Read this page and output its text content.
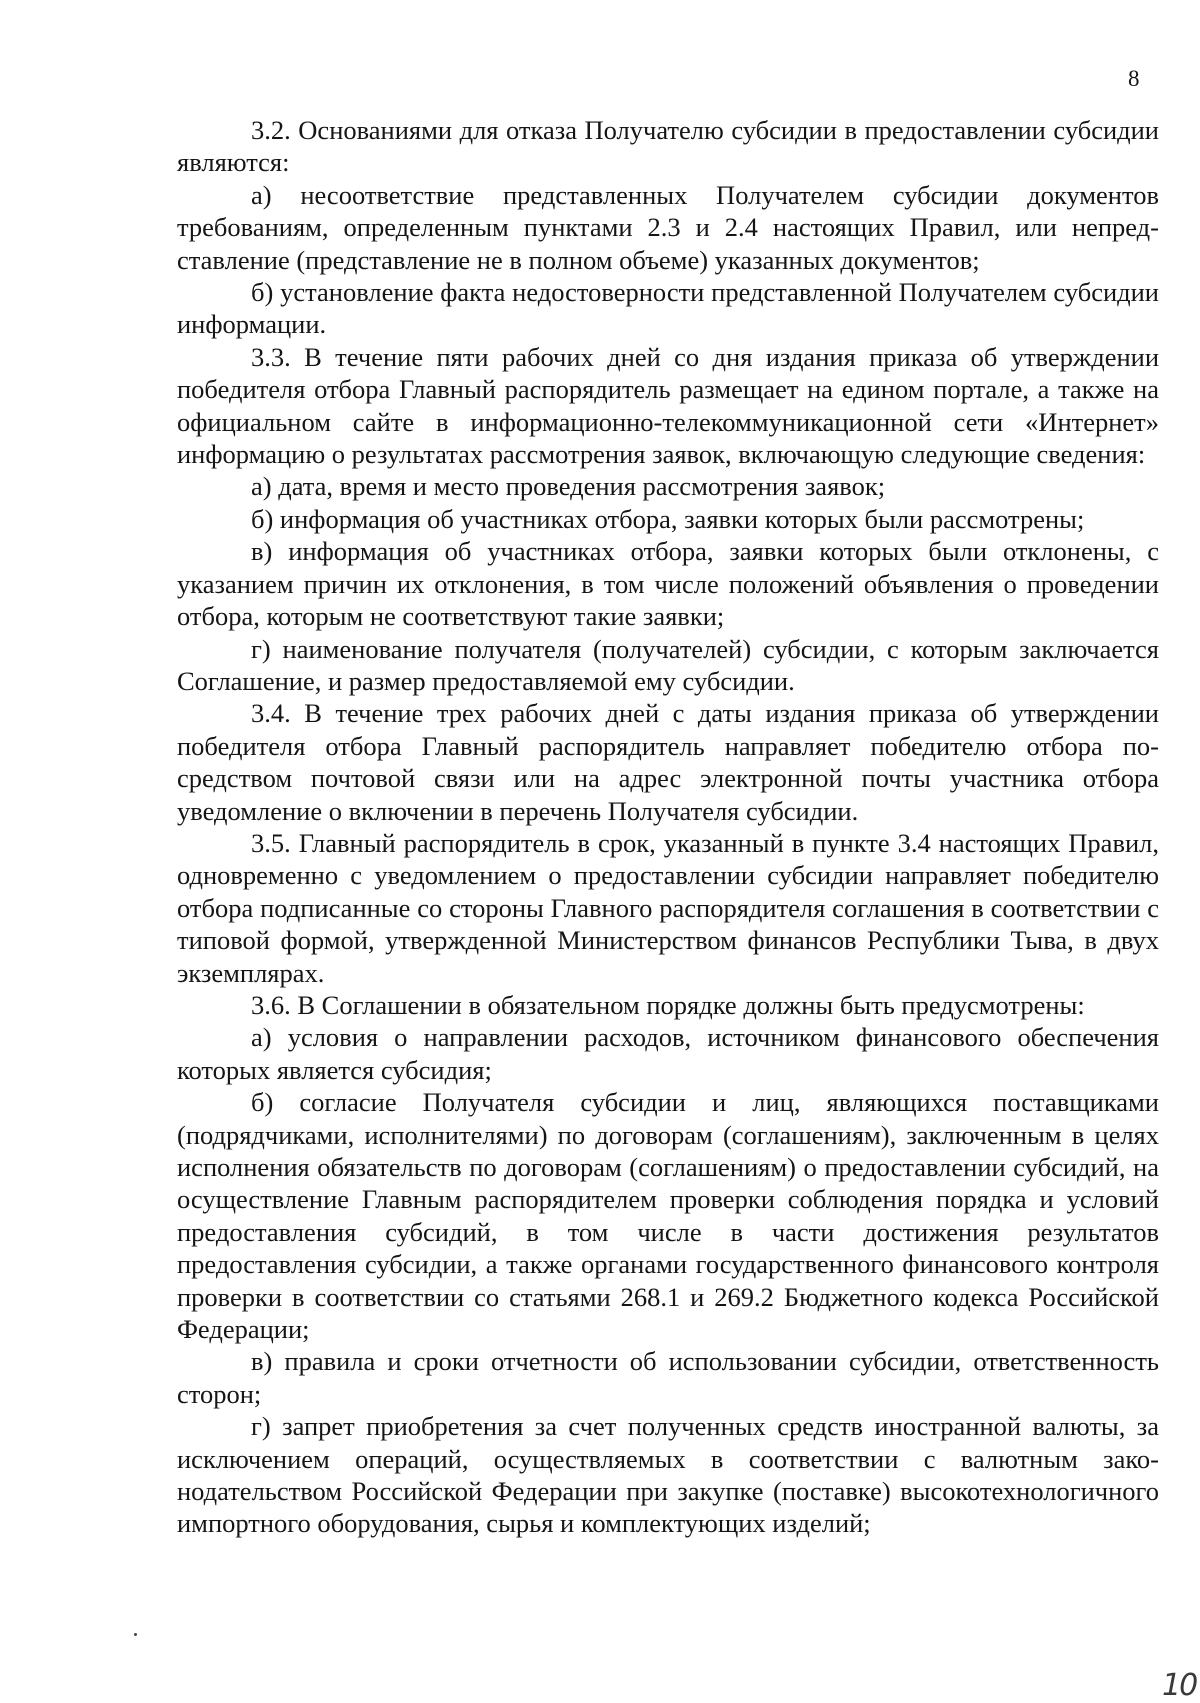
8

3.2. Основаниями для отказа Получателю субсидии в предоставлении субсидии являются:

а) несоответствие представленных Получателем субсидии документов требованиям, определенным пунктами 2.3 и 2.4 настоящих Правил, или непредставление (представление не в полном объеме) указанных документов;

б) установление факта недостоверности представленной Получателем субсидии информации.

3.3. В течение пяти рабочих дней со дня издания приказа об утверждении победителя отбора Главный распорядитель размещает на едином портале, а также на официальном сайте в информационно-телекоммуникационной сети «Интернет» информацию о результатах рассмотрения заявок, включающую следующие сведения:

а) дата, время и место проведения рассмотрения заявок;

б) информация об участниках отбора, заявки которых были рассмотрены;

в) информация об участниках отбора, заявки которых были отклонены, с указанием причин их отклонения, в том числе положений объявления о проведении отбора, которым не соответствуют такие заявки;

г) наименование получателя (получателей) субсидии, с которым заключается Соглашение, и размер предоставляемой ему субсидии.

3.4. В течение трех рабочих дней с даты издания приказа об утверждении победителя отбора Главный распорядитель направляет победителю отбора посредством почтовой связи или на адрес электронной почты участника отбора уведомление о включении в перечень Получателя субсидии.

3.5. Главный распорядитель в срок, указанный в пункте 3.4 настоящих Правил, одновременно с уведомлением о предоставлении субсидии направляет победителю отбора подписанные со стороны Главного распорядителя соглашения в соответствии с типовой формой, утвержденной Министерством финансов Республики Тыва, в двух экземплярах.

3.6. В Соглашении в обязательном порядке должны быть предусмотрены:

а) условия о направлении расходов, источником финансового обеспечения которых является субсидия;

б) согласие Получателя субсидии и лиц, являющихся поставщиками (подрядчиками, исполнителями) по договорам (соглашениям), заключенным в целях исполнения обязательств по договорам (соглашениям) о предоставлении субсидий, на осуществление Главным распорядителем проверки соблюдения порядка и условий предоставления субсидий, в том числе в части достижения результатов предоставления субсидии, а также органами государственного финансового контроля проверки в соответствии со статьями 268.1 и 269.2 Бюджетного кодекса Российской Федерации;

в) правила и сроки отчетности об использовании субсидии, ответственность сторон;

г) запрет приобретения за счет полученных средств иностранной валюты, за исключением операций, осуществляемых в соответствии с валютным законодательством Российской Федерации при закупке (поставке) высокотехнологичного импортного оборудования, сырья и комплектующих изделий;

10
